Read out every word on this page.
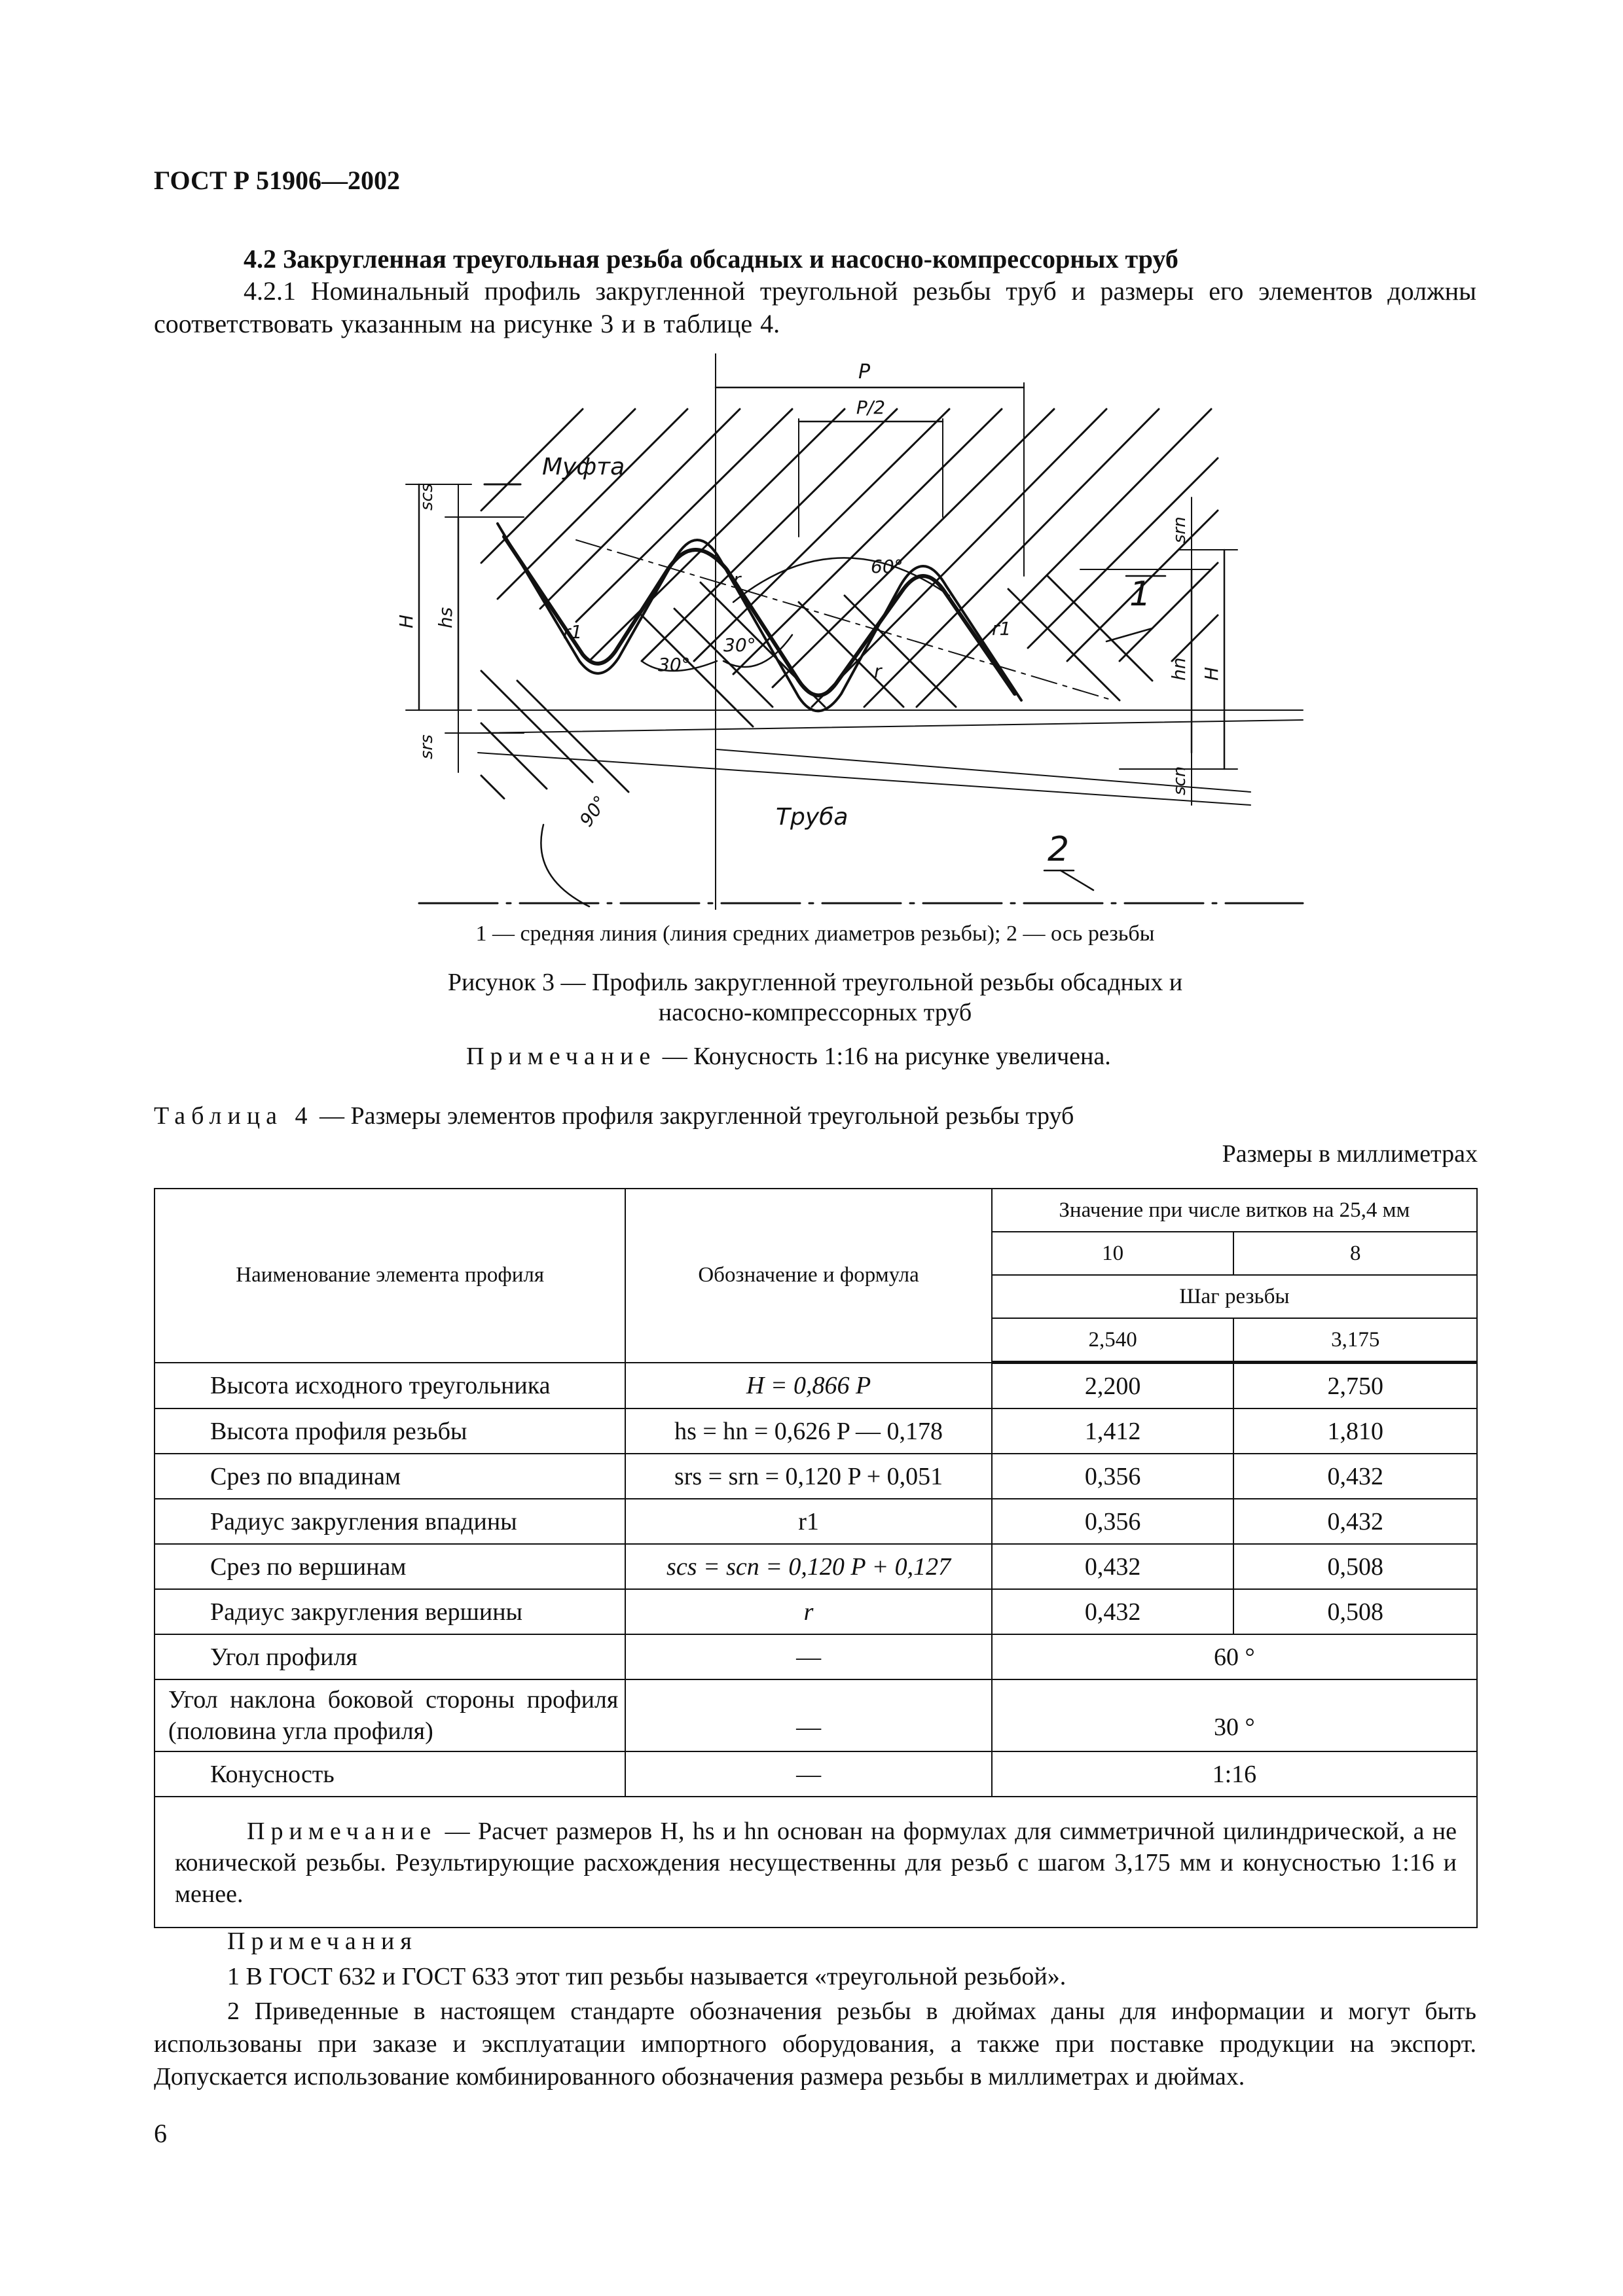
ГОСТ Р 51906—2002
4.2 Закругленная треугольная резьба обсадных и насосно-компрессорных труб
4.2.1 Номинальный профиль закругленной треугольной резьбы труб и размеры его элементов должны соответствовать указанным на рисунке 3 и в таблице 4.
P
P/2
Муфта
Труба
60°
30°
30°
90°
r
r
r1	r1
scs
H hs
srs
srn
hn H
scn
1
2
1 — средняя линия (линия средних диаметров резьбы); 2 — ось резьбы
Рисунок 3 — Профиль закругленной треугольной резьбы обсадных и
насосно-компрессорных труб
Примечание — Конусность 1:16 на рисунке увеличена.
Таблица 4 — Размеры элементов профиля закругленной треугольной резьбы труб
Размеры в миллиметрах
Наименование элемента профиля	Обозначение и формула	Значение при числе витков на 25,4 мм	
		10	8
		Шаг резьбы	
		2,540	3,175
Высота исходного треугольника	H = 0,866 P	2,200	2,750
Высота профиля резьбы	hs = hn = 0,626 P — 0,178	1,412	1,810
Срез по впадинам	srs = srn = 0,120 P + 0,051	0,356	0,432
Радиус закругления впадины	r1	0,356	0,432
Срез по вершинам	scs = scn = 0,120 P + 0,127	0,432	0,508
Радиус закругления вершины	r	0,432	0,508
Угол профиля	—	60 °	
Угол наклона боковой стороны профиля (половина угла профиля)	—	30 °	
Конусность	—	1:16	
Примечание — Расчет размеров H, hs и hn основан на формулах для симметричной цилиндрической, а не конической резьбы. Результирующие расхождения несущественны для резьб с шагом 3,175 мм и конусностью 1:16 и менее.			
Примечания
1 В ГОСТ 632 и ГОСТ 633 этот тип резьбы называется «треугольной резьбой».
2 Приведенные в настоящем стандарте обозначения резьбы в дюймах даны для информации и могут быть использованы при заказе и эксплуатации импортного оборудования, а также при поставке продукции на экспорт. Допускается использование комбинированного обозначения размера резьбы в миллиметрах и дюймах.
6
